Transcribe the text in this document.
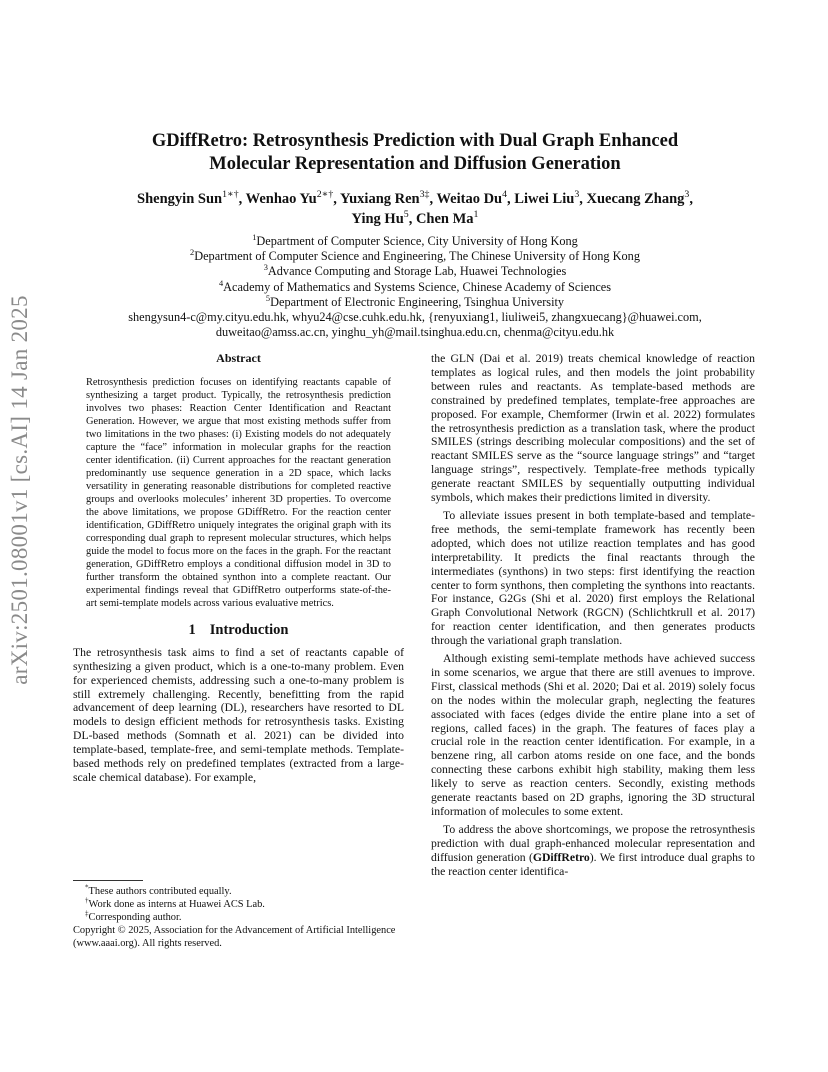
arXiv:2501.08001v1 [cs.AI] 14 Jan 2025
GDiffRetro: Retrosynthesis Prediction with Dual Graph Enhanced
Molecular Representation and Diffusion Generation
Shengyin Sun$^{1∗\dagger}$, Wenhao $Yu^{2∗\dagger}$, Yuxiang Ren$^{3\ddagger}$, Weitao Du$^4$, Liwei Liu$^3$, Xuecang Zhang$^3$,
Ying Hu$^5$, Chen Ma$^1$
$^1$Department of Computer Science, City University of Hong Kong
$^2$Department of Computer Science and Engineering, The Chinese University of Hong Kong
$^3$Advance Computing and Storage Lab, Huawei Technologies
$^4$Academy of Mathematics and Systems Science, Chinese Academy of Sciences
$^5$Department of Electronic Engineering, Tsinghua University
shengysun4-c@my.cityu.edu.hk, whyu24@cse.cuhk.edu.hk, {renyuxiang1, liuliwei5, zhangxuecang}@huawei.com,
duweitao@amss.ac.cn, yinghu_yh@mail.tsinghua.edu.cn, chenma@cityu.edu.hk
Abstract

Retrosynthesis prediction focuses on identifying reactants capable of synthesizing a target product. Typically, the retrosynthesis prediction involves two phases: Reaction Center Identification and Reactant Generation. However, we argue that most existing methods suffer from two limitations in the two phases: (i) Existing models do not adequately capture the “face” information in molecular graphs for the reaction center identification. (ii) Current approaches for the reactant generation predominantly use sequence generation in a 2D space, which lacks versatility in generating reasonable distributions for completed reactive groups and overlooks molecules’ inherent 3D properties. To overcome the above limitations, we propose GDiffRetro. For the reaction center identification, GDiffRetro uniquely integrates the original graph with its corresponding dual graph to represent molecular structures, which helps guide the model to focus more on the faces in the graph. For the reactant generation, GDiffRetro employs a conditional diffusion model in 3D to further transform the obtained synthon into a complete reactant. Our experimental findings reveal that GDiffRetro outperforms state-of-the-art semi-template models across various evaluative metrics.

1 Introduction

The retrosynthesis task aims to find a set of reactants capable of synthesizing a given product, which is a one-to-many problem. Even for experienced chemists, addressing such a one-to-many problem is still extremely challenging. Recently, benefitting from the rapid advancement of deep learning (DL), researchers have resorted to DL models to design efficient methods for retrosynthesis tasks. Existing DL-based methods (Somnath et al. 2021) can be divided into template-based, template-free, and semi-template methods. Template-based methods rely on predefined templates (extracted from a large-scale chemical database). For example,

*These authors contributed equally.
†Work done as interns at Huawei ACS Lab.
‡Corresponding author.
Copyright © 2025, Association for the Advancement of Artificial Intelligence (www.aaai.org). All rights reserved.

the GLN (Dai et al. 2019) treats chemical knowledge of reaction templates as logical rules, and then models the joint probability between rules and reactants. As template-based methods are constrained by predefined templates, template-free approaches are proposed. For example, Chemformer (Irwin et al. 2022) formulates the retrosynthesis prediction as a translation task, where the product SMILES (strings describing molecular compositions) and the set of reactant SMILES serve as the “source language strings” and “target language strings”, respectively. Template-free methods typically generate reactant SMILES by sequentially outputting individual symbols, which makes their predictions limited in diversity.

To alleviate issues present in both template-based and template-free methods, the semi-template framework has recently been adopted, which does not utilize reaction templates and has good interpretability. It predicts the final reactants through the intermediates (synthons) in two steps: first identifying the reaction center to form synthons, then completing the synthons into reactants. For instance, G2Gs (Shi et al. 2020) first employs the Relational Graph Convolutional Network (RGCN) (Schlichtkrull et al. 2017) for reaction center identification, and then generates products through the variational graph translation.

Although existing semi-template methods have achieved success in some scenarios, we argue that there are still avenues to improve. First, classical methods (Shi et al. 2020; Dai et al. 2019) solely focus on the nodes within the molecular graph, neglecting the features associated with faces (edges divide the entire plane into a set of regions, called faces) in the graph. The features of faces play a crucial role in the reaction center identification. For example, in a benzene ring, all carbon atoms reside on one face, and the bonds connecting these carbons exhibit high stability, making them less likely to serve as reaction centers. Secondly, existing methods generate reactants based on 2D graphs, ignoring the 3D structural information of molecules to some extent.

To address the above shortcomings, we propose the retrosynthesis prediction with dual graph-enhanced molecular representation and diffusion generation (GDiffRetro). We first introduce dual graphs to the reaction center identifica-
